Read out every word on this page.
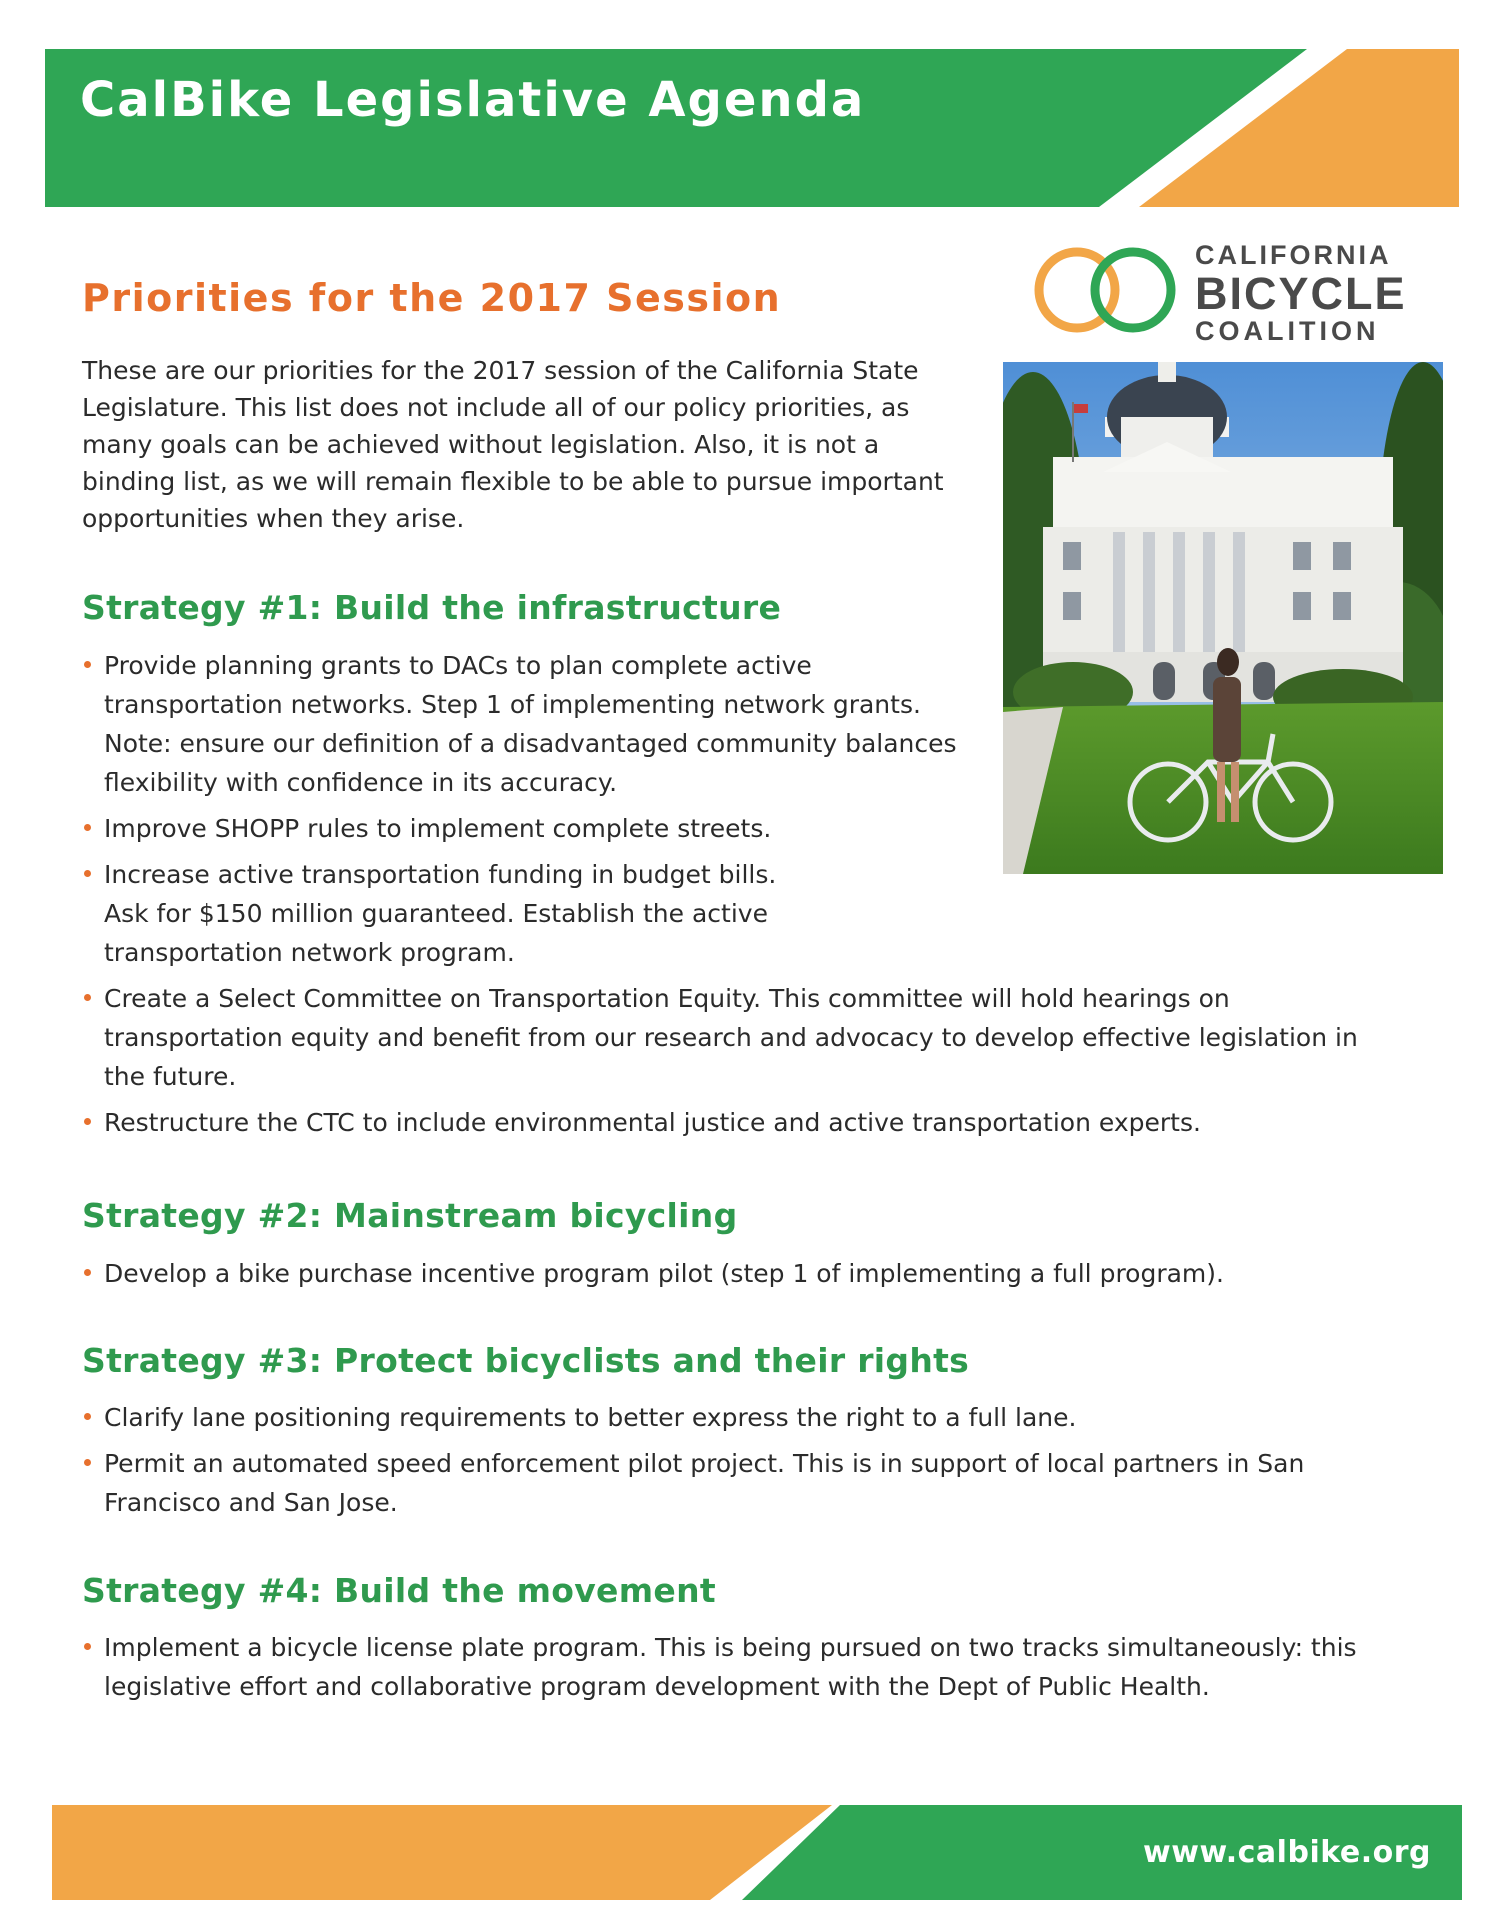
CalBike Legislative Agenda
CALIFORNIA
BICYCLE
COALITION
Priorities for the 2017 Session

These are our priorities for the 2017 session of the California State Legislature. This list does not include all of our policy priorities, as many goals can be achieved without legislation. Also, it is not a binding list, as we will remain flexible to be able to pursue important opportunities when they arise.

Strategy #1: Build the infrastructure
Provide planning grants to DACs to plan complete active transportation networks. Step 1 of implementing network grants. Note: ensure our definition of a disadvantaged community balances flexibility with confidence in its accuracy.
Improve SHOPP rules to implement complete streets.
Increase active transportation funding in budget bills. Ask for $150 million guaranteed. Establish the active transportation network program.
Create a Select Committee on Transportation Equity. This committee will hold hearings on transportation equity and benefit from our research and advocacy to develop effective legislation in the future.
Restructure the CTC to include environmental justice and active transportation experts.
Strategy #2: Mainstream bicycling
Develop a bike purchase incentive program pilot (step 1 of implementing a full program).
Strategy #3: Protect bicyclists and their rights
Clarify lane positioning requirements to better express the right to a full lane.
Permit an automated speed enforcement pilot project. This is in support of local partners in San Francisco and San Jose.
Strategy #4: Build the movement
Implement a bicycle license plate program. This is being pursued on two tracks simultaneously: this legislative effort and collaborative program development with the Dept of Public Health.
www.calbike.org
